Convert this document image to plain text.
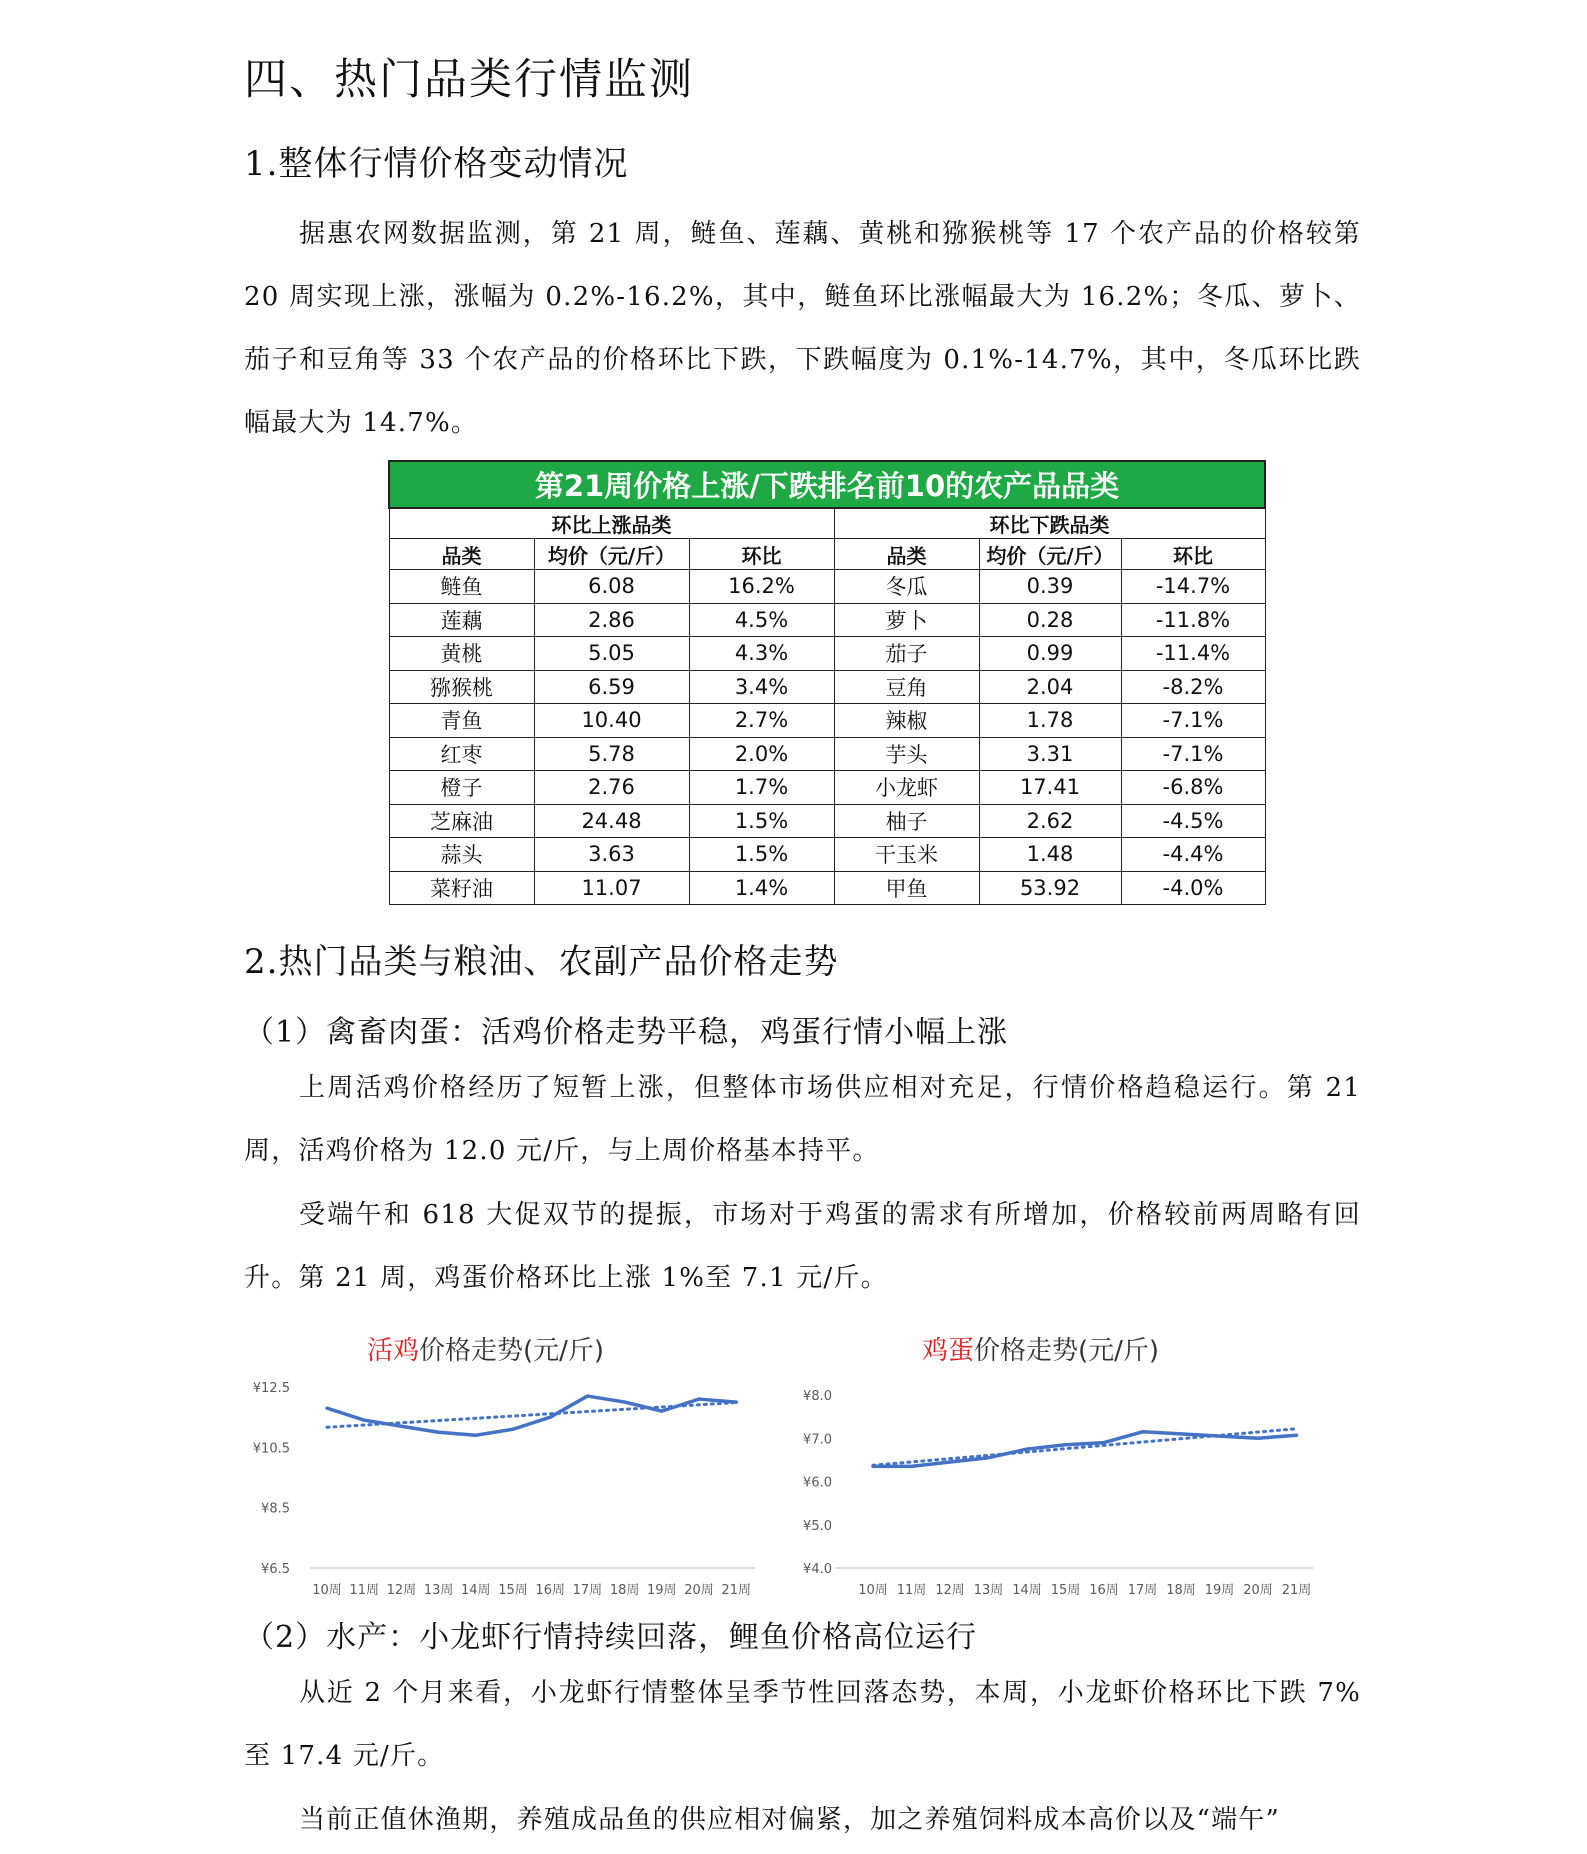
四、热门品类行情监测
1.整体行情价格变动情况
据惠农网数据监测，第 21 周，鲢鱼、莲藕、黄桃和猕猴桃等 17 个农产品的价格较第 20 周实现上涨，涨幅为 0.2%-16.2%，其中，鲢鱼环比涨幅最大为 16.2%；冬瓜、萝卜、茄子和豆角等 33 个农产品的价格环比下跌，下跌幅度为 0.1%-14.7%，其中，冬瓜环比跌幅最大为 14.7%。
第21周价格上涨/下跌排名前10的农产品品类					
环比上涨品类			环比下跌品类		
品类	均价（元/斤）	环比	品类	均价（元/斤）	环比
鲢鱼	6.08	16.2%	冬瓜	0.39	-14.7%
莲藕	2.86	4.5%	萝卜	0.28	-11.8%
黄桃	5.05	4.3%	茄子	0.99	-11.4%
猕猴桃	6.59	3.4%	豆角	2.04	-8.2%
青鱼	10.40	2.7%	辣椒	1.78	-7.1%
红枣	5.78	2.0%	芋头	3.31	-7.1%
橙子	2.76	1.7%	小龙虾	17.41	-6.8%
芝麻油	24.48	1.5%	柚子	2.62	-4.5%
蒜头	3.63	1.5%	干玉米	1.48	-4.4%
菜籽油	11.07	1.4%	甲鱼	53.92	-4.0%
2.热门品类与粮油、农副产品价格走势
（1）禽畜肉蛋：活鸡价格走势平稳，鸡蛋行情小幅上涨
上周活鸡价格经历了短暂上涨，但整体市场供应相对充足，行情价格趋稳运行。第 21 周，活鸡价格为 12.0 元/斤，与上周价格基本持平。
受端午和 618 大促双节的提振，市场对于鸡蛋的需求有所增加，价格较前两周略有回升。第 21 周，鸡蛋价格环比上涨 1%至 7.1 元/斤。
活鸡价格走势(元/斤)	鸡蛋价格走势(元/斤)
¥6.5
¥8.5
¥10.5
¥12.5
10周 11周 12周 13周 14周 15周 16周 17周 18周 19周 20周 21周
¥4.0
¥5.0
¥6.0
¥7.0
¥8.0
10周 11周 12周 13周 14周 15周 16周 17周 18周 19周 20周 21周
（2）水产：小龙虾行情持续回落，鲤鱼价格高位运行
从近 2 个月来看，小龙虾行情整体呈季节性回落态势，本周，小龙虾价格环比下跌 7%至 17.4 元/斤。
当前正值休渔期，养殖成品鱼的供应相对偏紧，加之养殖饲料成本高价以及“端午”
